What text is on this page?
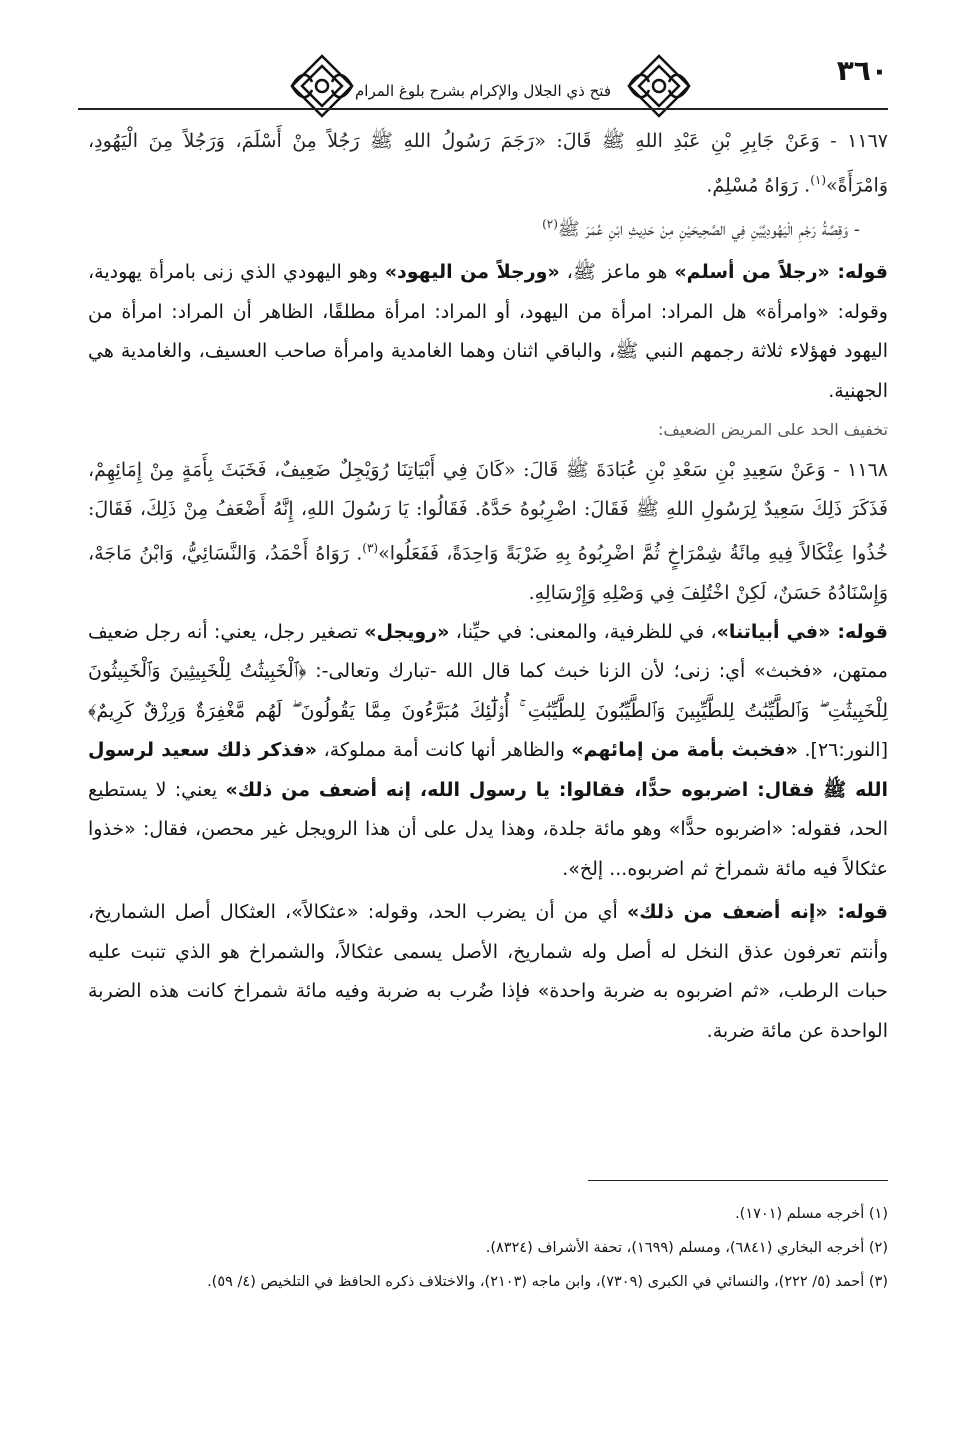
فتح ذي الجلال والإكرام بشرح بلوغ المرام
٣٦٠

١١٦٧ - وَعَنْ جَابِرِ بْنِ عَبْدِ اللهِ ﷺ قَالَ: «رَجَمَ رَسُولُ اللهِ ﷺ رَجُلاً مِنْ أَسْلَمَ، وَرَجُلاً مِنَ الْيَهُودِ، وَامْرَأَةً»$^{(١)}$. رَوَاهُ مُسْلِمٌ.

- وَقِصَّةُ رَجْمِ الْيَهُودِيَّيْنِ فِي الصَّحِيحَيْنِ مِنْ حَدِيثِ ابْنِ عُمَرَ ﷺ$^{(٢)}$

قوله: «رجلاً من أسلم» هو ماعز ﷺ، «ورجلاً من اليهود» وهو اليهودي الذي زنى بامرأة يهودية، وقوله: «وامرأة» هل المراد: امرأة من اليهود، أو المراد: امرأة مطلقًا، الظاهر أن المراد: امرأة من اليهود فهؤلاء ثلاثة رجمهم النبي ﷺ، والباقي اثنان وهما الغامدية وامرأة صاحب العسيف، والغامدية هي الجهنية.

تخفيف الحد على المريض الضعيف:

١١٦٨ - وَعَنْ سَعِيدِ بْنِ سَعْدِ بْنِ عُبَادَةَ ﷺ قَالَ: «كَانَ فِي أَبْيَاتِنَا رُوَيْجِلٌ ضَعِيفٌ، فَخَبَثَ بِأَمَةٍ مِنْ إِمَائِهِمْ، فَذَكَرَ ذَلِكَ سَعِيدٌ لِرَسُولِ اللهِ ﷺ فَقَالَ: اضْرِبُوهُ حَدَّهُ. فَقَالُوا: يَا رَسُولَ اللهِ، إِنَّهُ أَضْعَفُ مِنْ ذَلِكَ، فَقَالَ: خُذُوا عِثْكَالاً فِيهِ مِائَةُ شِمْرَاخٍ ثُمَّ اضْرِبُوهُ بِهِ ضَرْبَةً وَاحِدَةً، فَفَعَلُوا»$^{(٣)}$. رَوَاهُ أَحْمَدُ، وَالنَّسَائِيُّ، وَابْنُ مَاجَهْ، وَإِسْنَادُهُ حَسَنٌ، لَكِنْ اخْتُلِفَ فِي وَصْلِهِ وَإِرْسَالِهِ.

قوله: «في أبياتنا»، في للظرفية، والمعنى: في حيِّنا، «رويجل» تصغير رجل، يعني: أنه رجل ضعيف ممتهن، «فخبث» أي: زنى؛ لأن الزنا خبث كما قال الله -تبارك وتعالى-: ﴿ٱلْخَبِيثَٰتُ لِلْخَبِيثِينَ وَٱلْخَبِيثُونَ لِلْخَبِيثَٰتِ ۖ وَٱلطَّيِّبَٰتُ لِلطَّيِّبِينَ وَٱلطَّيِّبُونَ لِلطَّيِّبَٰتِ ۚ أُو۟لَٰٓئِكَ مُبَرَّءُونَ مِمَّا يَقُولُونَ ۖ لَهُم مَّغْفِرَةٌ وَرِزْقٌ كَرِيمٌ﴾ [النور:٢٦]. «فخبث بأمة من إمائهم» والظاهر أنها كانت أمة مملوكة، «فذكر ذلك سعيد لرسول الله ﷺ فقال: اضربوه حدًّا، فقالوا: يا رسول الله، إنه أضعف من ذلك» يعني: لا يستطيع الحد، فقوله: «اضربوه حدًّا» وهو مائة جلدة، وهذا يدل على أن هذا الرويجل غير محصن، فقال: «خذوا عثكالاً فيه مائة شمراخ ثم اضربوه... إلخ».

قوله: «إنه أضعف من ذلك» أي من أن يضرب الحد، وقوله: «عثكالاً»، العثكال أصل الشماريخ، وأنتم تعرفون عذق النخل له أصل وله شماريخ، الأصل يسمى عثكالاً، والشمراخ هو الذي تنبت عليه حبات الرطب، «ثم اضربوه به ضربة واحدة» فإذا ضُرب به ضربة وفيه مائة شمراخ كانت هذه الضربة الواحدة عن مائة ضربة.

(١) أخرجه مسلم (١٧٠١).

(٢) أخرجه البخاري (٦٨٤١)، ومسلم (١٦٩٩)، تحفة الأشراف (٨٣٢٤).

(٣) أحمد (٥/ ٢٢٢)، والنسائي في الكبرى (٧٣٠٩)، وابن ماجه (٢١٠٣)، والاختلاف ذكره الحافظ في التلخيص (٤/ ٥٩).
